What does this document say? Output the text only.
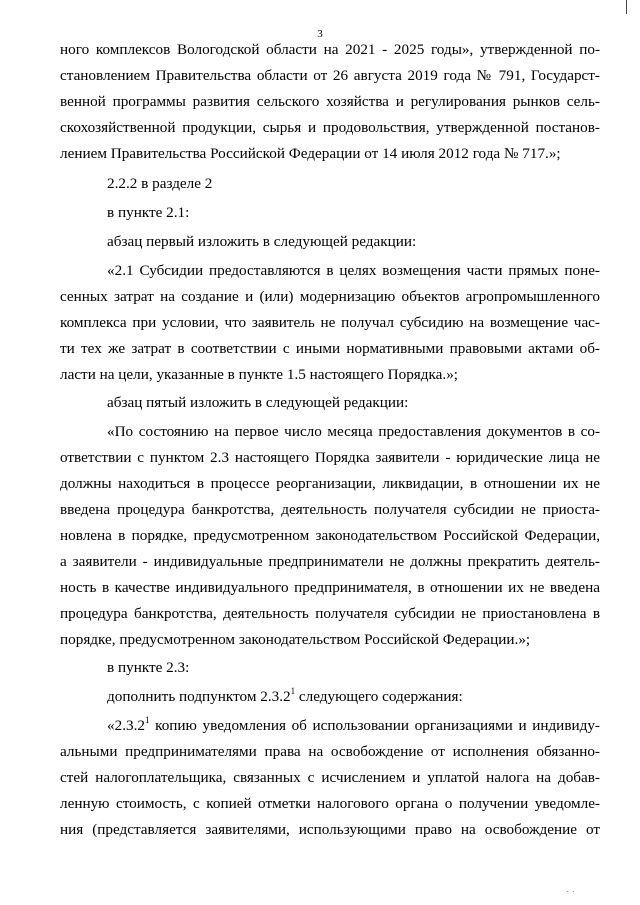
3
ного комплексов Вологодской области на 2021 - 2025 годы», утвержденной по-
становлением Правительства области от 26 августа 2019 года № 791, Государст-
венной программы развития сельского хозяйства и регулирования рынков сель-
скохозяйственной продукции, сырья и продовольствия, утвержденной постанов-
лением Правительства Российской Федерации от 14 июля 2012 года № 717.»;
2.2.2 в разделе 2
в пункте 2.1:
абзац первый изложить в следующей редакции:
«2.1 Субсидии предоставляются в целях возмещения части прямых поне-
сенных затрат на создание и (или) модернизацию объектов агропромышленного
комплекса при условии, что заявитель не получал субсидию на возмещение час-
ти тех же затрат в соответствии с иными нормативными правовыми актами об-
ласти на цели, указанные в пункте 1.5 настоящего Порядка.»;
абзац пятый изложить в следующей редакции:
«По состоянию на первое число месяца предоставления документов в со-
ответствии с пунктом 2.3 настоящего Порядка заявители - юридические лица не
должны находиться в процессе реорганизации, ликвидации, в отношении их не
введена процедура банкротства, деятельность получателя субсидии не приоста-
новлена в порядке, предусмотренном законодательством Российской Федерации,
а заявители - индивидуальные предприниматели не должны прекратить деятель-
ность в качестве индивидуального предпринимателя, в отношении их не введена
процедура банкротства, деятельность получателя субсидии не приостановлена в
порядке, предусмотренном законодательством Российской Федерации.»;
в пункте 2.3:
дополнить подпунктом 2.3.2$^1$ следующего содержания:
«2.3.2$^1$ копию уведомления об использовании организациями и индивиду-
альными предпринимателями права на освобождение от исполнения обязанно-
стей налогоплательщика, связанных с исчислением и уплатой налога на добав-
ленную стоимость, с копией отметки налогового органа о получении уведомле-
ния (представляется заявителями, использующими право на освобождение от
· ·
